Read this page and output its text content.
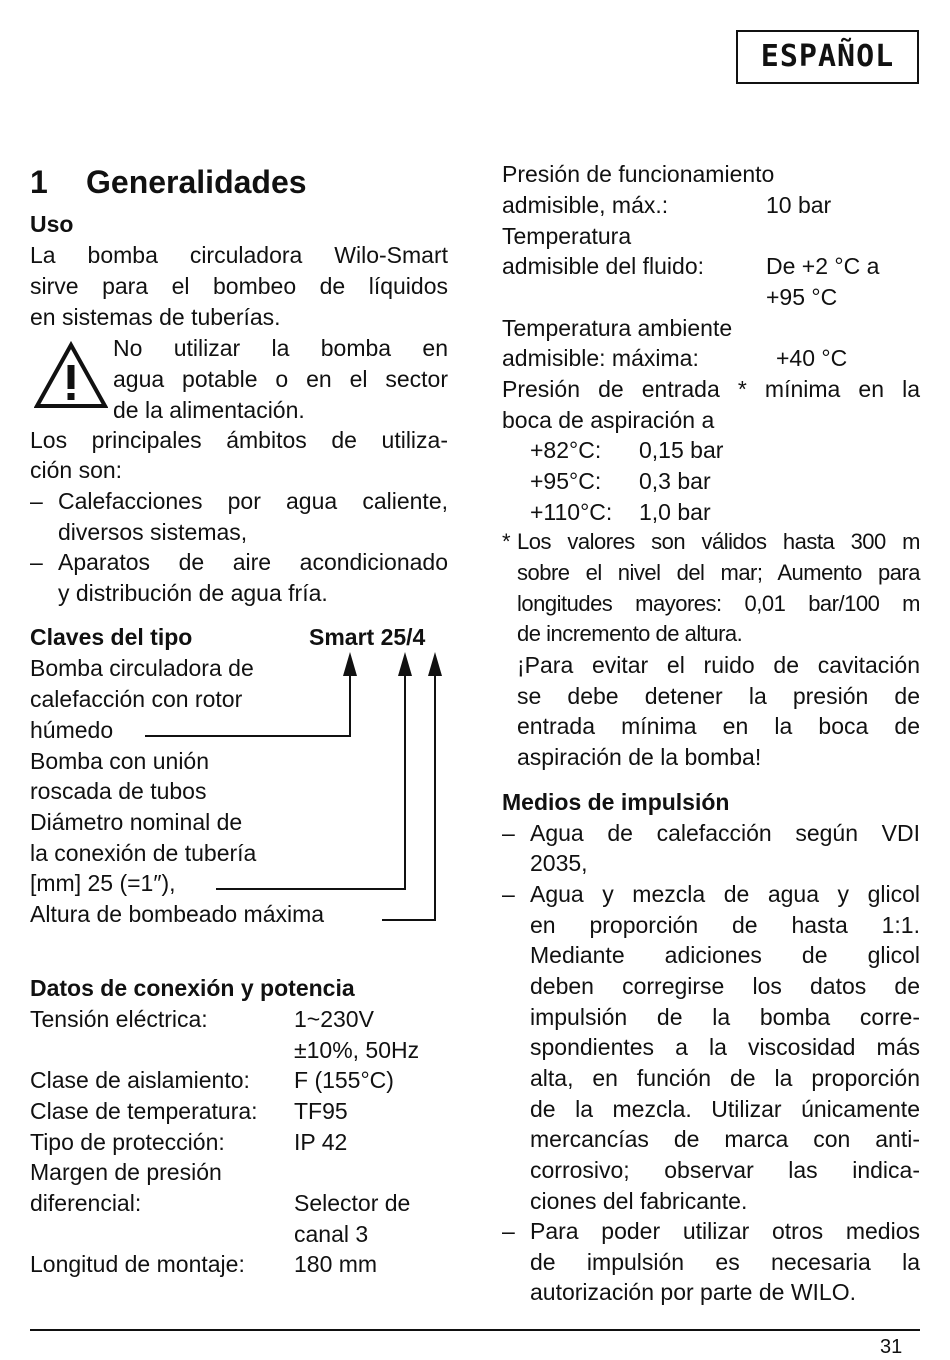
ESPAÑOL
1 Generalidades
Uso
La bomba circuladora Wilo-Smart
sirve para el bombeo de líquidos
en sistemas de tuberías.
No utilizar la bomba en
agua potable o en el sector
de la alimentación.
Los principales ámbitos de utiliza-
ción son:
– Calefacciones por agua caliente,
diversos sistemas,
– Aparatos de aire acondicionado
y distribución de agua fría.
Claves del tipo	Smart 25/4
Bomba circuladora de
calefacción con rotor
húmedo
Bomba con unión
roscada de tubos
Diámetro nominal de
la conexión de tubería
[mm] 25 (=1″),
Altura de bombeado máxima
Datos de conexión y potencia
Tensión eléctrica:	1~230V
±10%, 50Hz
Clase de aislamiento: F (155°C)
Clase de temperatura: TF95
Tipo de protección:	IP 42
Margen de presión
diferencial:	Selector de
canal 3
Longitud de montaje: 180 mm
Presión de funcionamiento
admisible, máx.:	10 bar
Temperatura
admisible del fluido:	De +2 °C a
+95 °C
Temperatura ambiente
admisible: máxima:	+40 °C
Presión de entrada * mínima en la
boca de aspiración a
+82°C: 0,15 bar
+95°C: 0,3 bar
+110°C: 1,0 bar
* Los valores son válidos hasta 300 m
sobre el nivel del mar; Aumento para
longitudes mayores: 0,01 bar/100 m
de incremento de altura.
¡Para evitar el ruido de cavitación
se debe detener la presión de
entrada mínima en la boca de
aspiración de la bomba!
Medios de impulsión
– Agua de calefacción según VDI
2035,
– Agua y mezcla de agua y glicol
en proporción de hasta 1:1.
Mediante adiciones de glicol
deben corregirse los datos de
impulsión de la bomba corre-
spondientes a la viscosidad más
alta, en función de la proporción
de la mezcla. Utilizar únicamente
mercancías de marca con anti-
corrosivo; observar las indica-
ciones del fabricante.
– Para poder utilizar otros medios
de impulsión es necesaria la
autorización por parte de WILO.
31
